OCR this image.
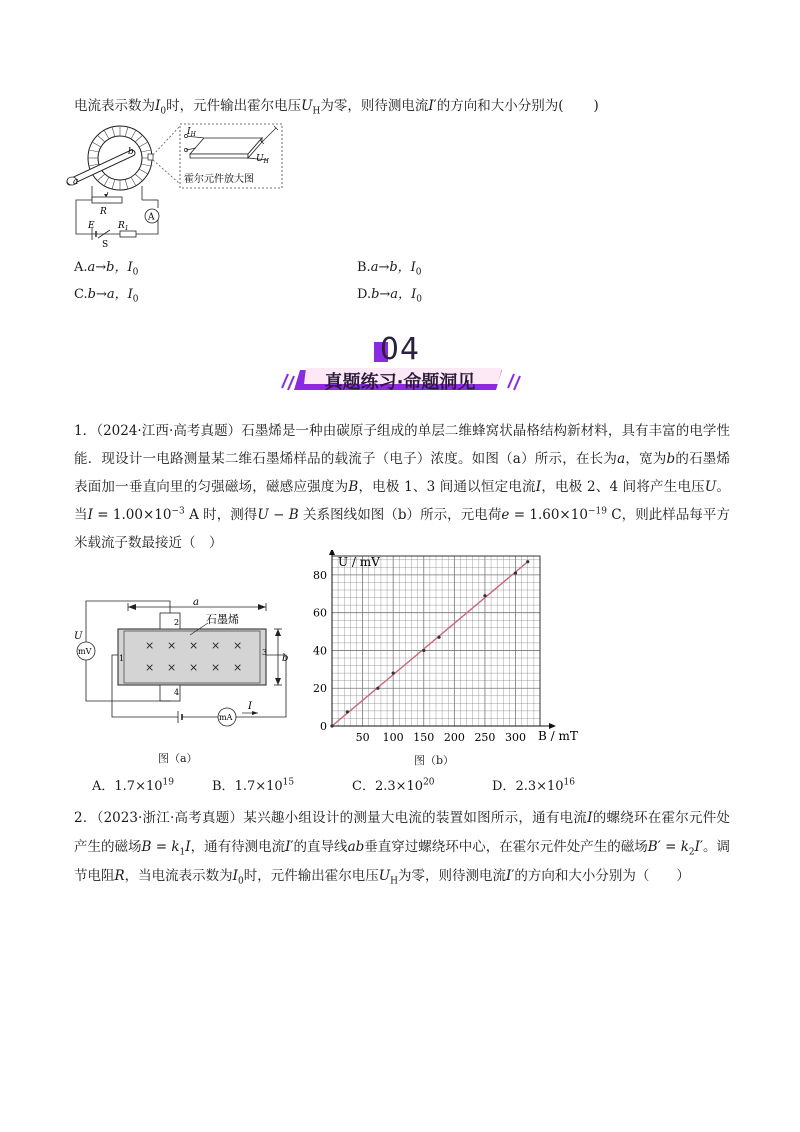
电流表示数为$I_0$时，元件输出霍尔电压$U_H$为零，则待测电流I′的方向和大小分别为( )
a
b
$I_H$
$U_H$
霍尔元件放大图
A
R
E	$R_1$
S
A.a→b，$I_0$	B.a→b，$I_0$
C.b→a，$I_0$	D.b→a，$I_0$
04
真题练习·命题洞见
1．（2024·江西·高考真题）石墨烯是一种由碳原子组成的单层二维蜂窝状晶格结构新材料，具有丰富的电学性能．现设计一电路测量某二维石墨烯样品的载流子（电子）浓度。如图（a）所示，在长为a，宽为b的石墨烯表面加一垂直向里的匀强磁场，磁感应强度为B，电极 1、3 间通以恒定电流I，电极 2、4 间将产生电压U。当$I = 1.00\times 10^{-3}$ A 时，测得U − B 关系图线如图（b）所示，元电荷$e = 1.60\times 10^{-19}$ C，则此样品每平方米载流子数最接近（　）
a
× × × × ×
× × × × ×
2
4
1
3
b
石墨烯
mV
U
mA
I
图（a）
0
50 100 150 200 250 300
20
40
60
80
U / mV
B / mT
图（b）
A．$1.7\times 10^{19}$	B．$1.7\times 10^{15}$	C．$2.3\times 10^{20}$	D．$2.3\times 10^{16}$
2．（2023·浙江·高考真题）某兴趣小组设计的测量大电流的装置如图所示，通有电流I的螺绕环在霍尔元件处产生的磁场$B = k_1I$，通有待测电流I′的直导线ab垂直穿过螺绕环中心，在霍尔元件处产生的磁场$B' = k_2I'$。调节电阻R，当电流表示数为$I_0$时，元件输出霍尔电压$U_H$为零，则待测电流I′的方向和大小分别为（　　）
